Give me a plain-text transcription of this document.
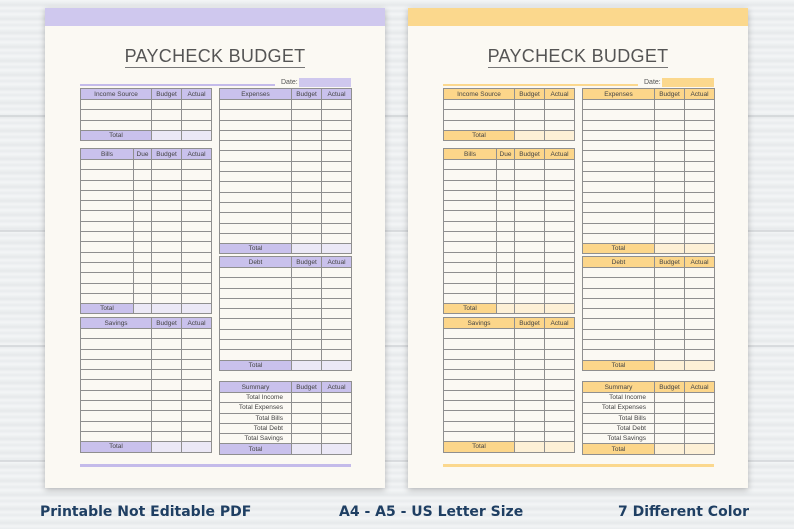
PAYCHECK BUDGET
Date:
Income Source	Budget	Actual

Total		
Bills	Due	Budget	Actual

Total			
Savings	Budget	Actual

Total		
Expenses	Budget	Actual

Total		
Debt	Budget	Actual

Total		
Summary	Budget	Actual
Total Income		
Total Expenses		
Total Bills		
Total Debt		
Total Savings		
Total		
PAYCHECK BUDGET
Date:
Income Source	Budget	Actual

Total		
Bills	Due	Budget	Actual

Total			
Savings	Budget	Actual

Total		
Expenses	Budget	Actual

Total		
Debt	Budget	Actual

Total		
Summary	Budget	Actual
Total Income		
Total Expenses		
Total Bills		
Total Debt		
Total Savings		
Total		
Printable Not Editable PDF	A4 - A5 - US Letter Size	7 Different Color
